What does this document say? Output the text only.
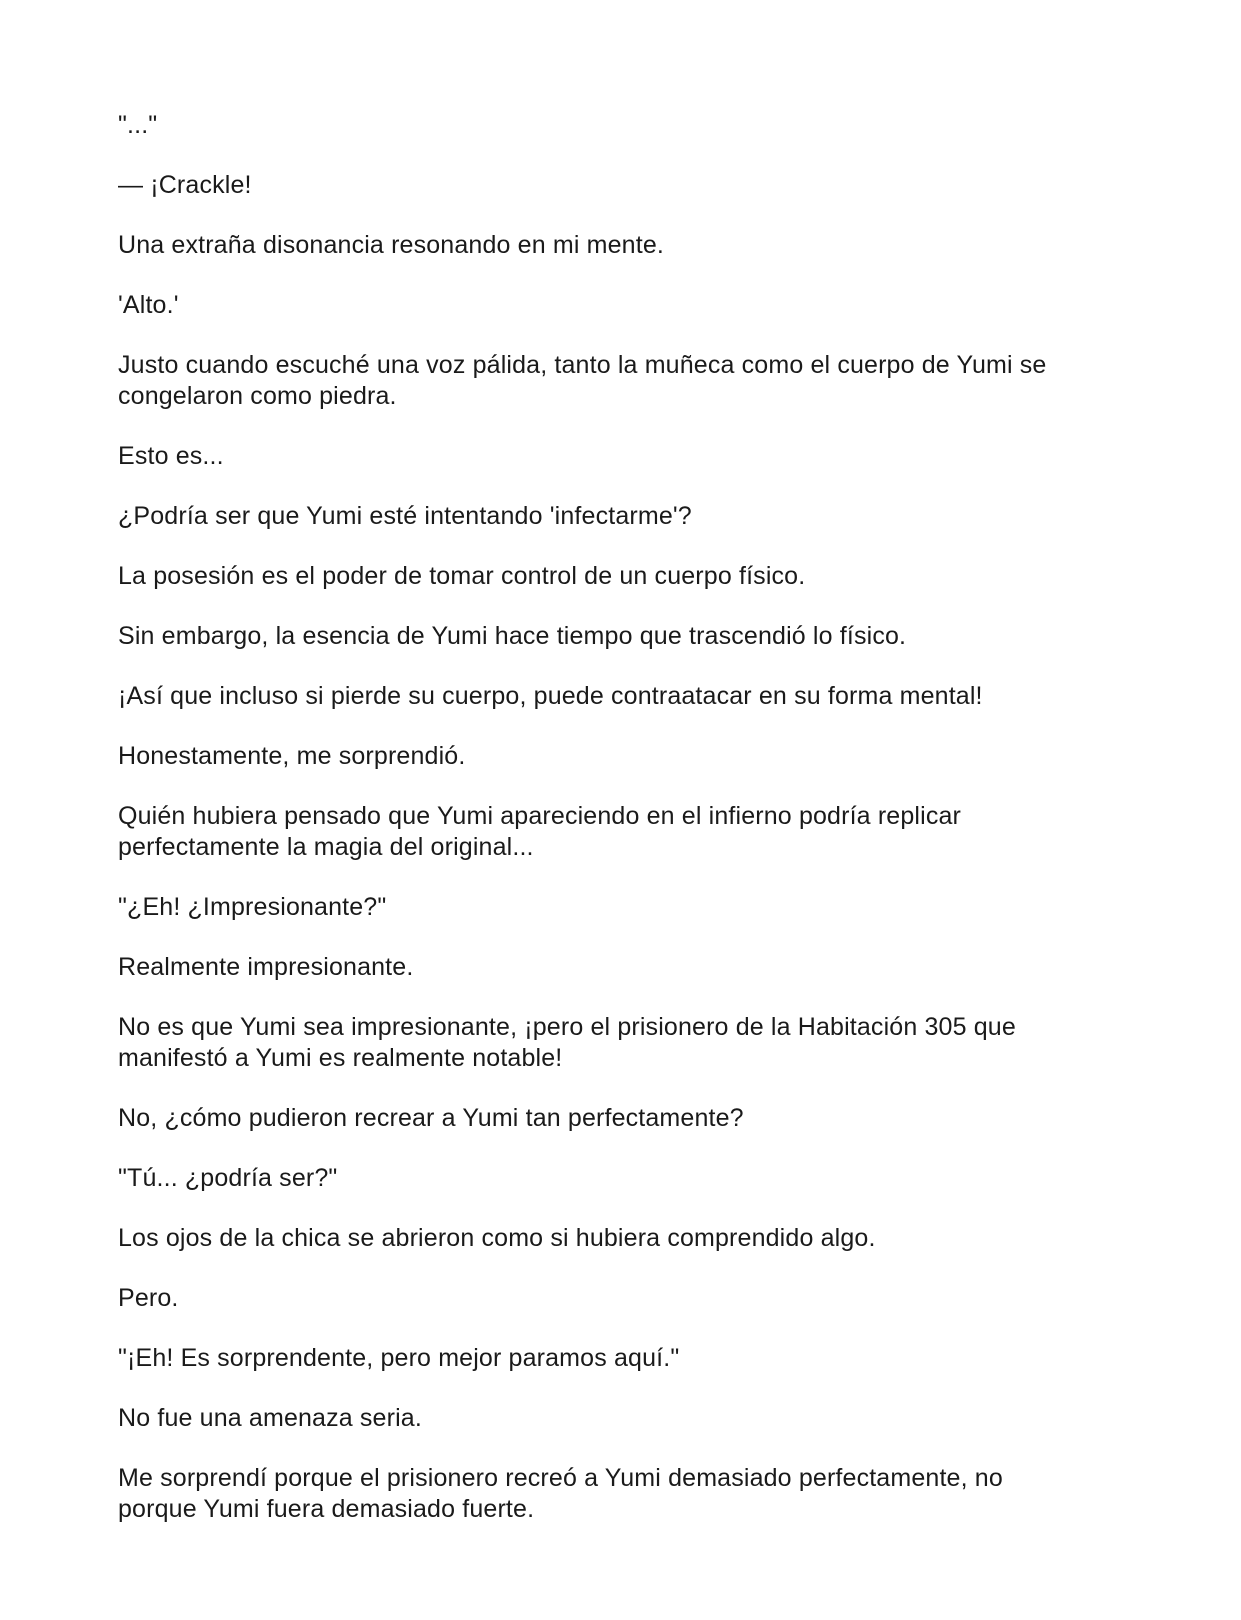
"..."

— ¡Crackle!

Una extraña disonancia resonando en mi mente.

'Alto.'

Justo cuando escuché una voz pálida, tanto la muñeca como el cuerpo de Yumi se
congelaron como piedra.

Esto es...

¿Podría ser que Yumi esté intentando 'infectarme'?

La posesión es el poder de tomar control de un cuerpo físico.

Sin embargo, la esencia de Yumi hace tiempo que trascendió lo físico.

¡Así que incluso si pierde su cuerpo, puede contraatacar en su forma mental!

Honestamente, me sorprendió.

Quién hubiera pensado que Yumi apareciendo en el infierno podría replicar
perfectamente la magia del original...

"¿Eh! ¿Impresionante?"

Realmente impresionante.

No es que Yumi sea impresionante, ¡pero el prisionero de la Habitación 305 que
manifestó a Yumi es realmente notable!

No, ¿cómo pudieron recrear a Yumi tan perfectamente?

"Tú... ¿podría ser?"

Los ojos de la chica se abrieron como si hubiera comprendido algo.

Pero.

"¡Eh! Es sorprendente, pero mejor paramos aquí."

No fue una amenaza seria.

Me sorprendí porque el prisionero recreó a Yumi demasiado perfectamente, no
porque Yumi fuera demasiado fuerte.
